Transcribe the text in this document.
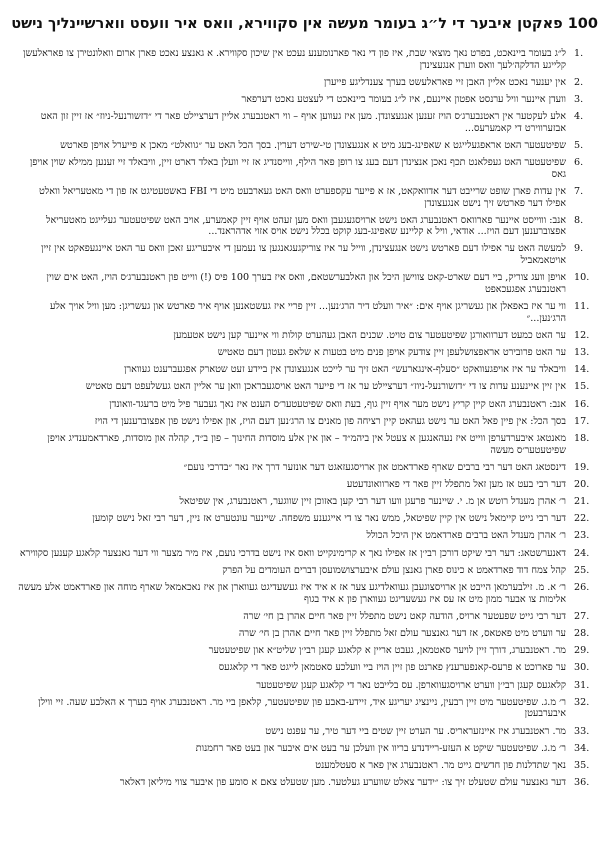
100 פאקטן איבער די ל״ג בעומר מעשה אין סקווירא, וואס איר וועסט ווארשיינליך נישט
1.
ל״ג בעומר ביינאכט, בפרט נאך מוצאי שבת, איז פון די נאר פארנומענע נעכט אין שיכון סקווירא. א גאנצע נאכט פארן ארום וואלונטירן צו פאראלעשן קלייגע הדלקה׳לעך וואס ווערן אנגעצינדן
2.
אין יענער נאכט אליין האבן זיי פאראלעשט בערך צענדליגע פייערן
3.
וועדן איינער וויל ערנסט אפטון איינעם, איז ל״ג בעומר ביינאכט די לעצטע נאכט דערפאר
4.
אלע לעקטער אין ראטנבערג׳ס הויז זענען אנגעצונדן. מען איז געווען אויף – ווי ראטנבערג אליין דערציילט פאר די ״דזשורנעל-ניוז״ אז זיין זון האט אבזערווירט די קאמערעס...
5.
שפיטעטער האט אראפגעלייגט א שאפינג-בעג מיט א אנגעצונדן טי-שירט דערין. בסך הכל האט ער ״גוואלט״ מאכן א פייערל אויפן פארטש
6.
שפיטעטער האט געפלאנט תכף נאכן אנצינדן דעם בעג צו רופן פאר הילף, ווייסנדיג אז זיי וועלן באלד דארט זיין, וויבאלד זיי זענען ממילא שוין אויפן גאס
7.
אין עדות פארן שופט שרייבט דער אדוואקאט, אז א פייער עקספערט וואס האט געארבעט מיט די FBI באשטעטיגט אז פון די מאטעריאל וואלט אפילו דער פארטש זיך נישט אנגעצונדן
8.
אנב: וווייסט איינער פארוואס ראטנבערג האט נישט ארויסגעגעבן וואס מען זעהט אויף זיין קאמערע, אויב האט שפיטעטער געלייגט מאטעריאל אפצוברענען דעם הויז... אודאי, וויל א קליינע שאפינג-בעג קוקט בכלל נישט אויס אזוי אדהראנד...
9.
למעשה האט ער אפילו דעם פארטש נישט אנגעצינדן, ווייל ער איז צוריקגעגאנגען צו נעמען די איבעריגע זאכן וואס ער האט איינגעפאקט אין זיין אויטאמאביל
10.
אויפן וועג צוריק, ביי דעם שארט-קאט צווישן היכל און האלבערשטאם, וואס איז בערך 100 פיס (!) ווייט פון ראטנבערג׳ס הויז, האט אים שוין ראטנבערג אפגעכאפט
11.
ווי ער איז באפאלן און געשריגן אויף אים: ״איר וועלט דיר הרג׳נען... זיין פריי איז געשטאנען אויף איר פארטש און געשריגן: מען וויל אויך אלע הרג׳נען...״
12.
ער האט כמעט דערוואורגן שפיטעטער צום טויט. שכנים האבן געהערט קולות ווי איינער קען נישט אטעמען
13.
ער האט פרובירט אראפצושלעפן זיין צודעק אויפן פנים מיט בטעות א שלאפ געטון דעם טאטיש
14.
וויבאלד ער איז אויפגעוואקט ״סעלף-אינגארעש״ האט זיך ער לייכט אנגעצונדן אין ביידע זעט שטארק אפגעברענט געווארן
15.
אין זיין איינענע עדות צו די ״דזשורנעל-ניוז״ דערציילט ער אז די פייער האט אויסגעבראכן וואן ער אליין האט געשלעפט דעם טאטיש
16.
אנב: ראטנבערג האט קיין קריץ נישט מער אויף זיין גוף, בעת וואס שפיטעטער׳ס הענט איז נאך געבער פיל מיט ברעגד-וואונדן
17.
בסך הכל: אין פיין פאל האט ער נישט געהאט קיין רציחה פון מאנים צו הרג׳נען דעם הויז, און אפילו נישט פון אפצוברענען די הויז
18.
מאנטאג איבערדערפן ווייט איז נעהאנגען א צעטל אין ביהמ״ד – און אין אלע מוסדות החינוך – פון ב״ד, קהלה און מוסדות, פארדאמענדיג אויפן שפיטעטער׳ס מעשה
19.
דינסטאג האט דער רבי ברבים שארף פארדאמט און ארויסגעזאגט דער אונזער דרך איז נאר ״בדרכי נועם״
20.
דער רבי בעט אז מען זאל מתפלל זיין פאר די פארוואונדעטע
21.
ר׳ אהרן מענדל רוטש אן מ. י. שיינער פרעגן וועו דער רבי קען באזוכן זיין שווגער, ראטנבערג, אין שפיטאל
22.
דער רבי גייט קיימאל נישט אין קיין שפיטאל, ממש נאר צו די אייגענע משפחה. שיינער עונטערט אז ניין, דער רבי זאל נישט קומען
23.
ר׳ אהרן מענדל האט ברבים פארדאמט אין היכל הכולל
24.
דאנערשטאג: דער רבי שיקט דורכן רבי׳ן אז אפילו נאך א קרימינקייט וואס איז נישט בדרכי נועם, איז מיר מצער ווי דער גאנצער קלאגע קענען סקווירא
25.
קהל צמח דוד פארדאמט א כינוס פארן גאנצן עולם איבערצושמועסן דברים העומדים על הפרק
26.
ר׳ א. מ. זילבערמאן הייבט אן ארויסצוגעבן געוואלדיגע צער אז א איד איז געשעדיגט געווארן און איז נאכאמאל שארף מוחה און פארדאמט אלע מעשה אלימות צו אבער ממון מיט אז עס איז געשעדיגט געווארן פון א איד בגוף
27.
דער רבי גייט שפעטער ארויס, הודעה קאט נישט מתפלל זיין פאר חיים אהרן בן חי׳ שרה
28.
ער ווערט מיט פאטאס, אז דער גאנצער עולם זאל מתפלל זיין פאר חיים אהרן בן חי׳ שרה
29.
מר. ראטנבערג, דורך זיין לויער סאטמאן, געבט אריין א קלאגע קעגן רבי׳ן שליט״א און שפיטעטער
30.
ער פארוכט א פרעס-קאנפערענץ פארנט פון זיין הויז ביי וועלכע סאטמאן לייגט פאר די קלאגעס
31.
קלאגעס קעגן רבי׳ן ווערט ארויסגעווארפן. עס בלייבט נאר די קלאגע קעגן שפיטעטער
32.
ר׳ מ.ג. שפיטעטער מיט זיין רבעין, ניינציג יעריגע איד, זיידע-באבע פון שפיטעטער, קלאפן ביי מר. ראטנבערג אויף בערך א האלבע שעה. זיי ווילן איבערבעטן
33.
מר. ראטנבערג איז איינזעראריס. ער הערט זיין שטים ביי דער טיר, ער עפנט נישט
34.
ר׳ מ.ג. שפיטעטער שיקט א העזע-ריידנדע בריוו אין וועלכן ער בעט אים איבער און בעט פאר רחמנות
35.
נאך שתדלנות פון חדשים גייט מר. ראטנבערג אין פאר א סעטלמענט
36.
דער גאנצער עולם שטעלט זיך צו: ״ידער צאלט שווערע געלטער. מען שטעלט צאם א סומע פון איבער צווי מיליאן דאלאר
